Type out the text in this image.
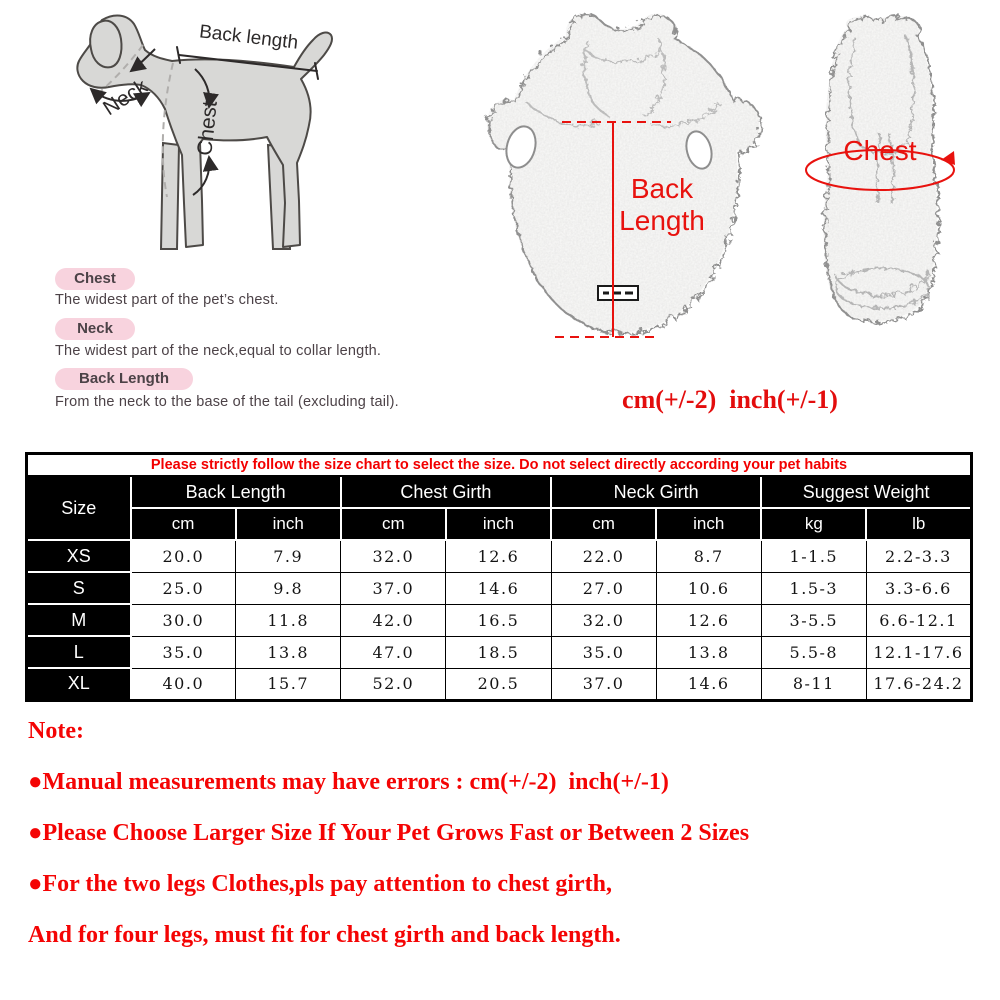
Back length
Neck
Chest
Chest
The widest part of the pet’s chest.
Neck
The widest part of the neck,equal to collar length.
Back Length
From the neck to the base of the tail (excluding tail).
Back
Length
Chest
cm(+/-2)  inch(+/-1)
Please strictly follow the size chart to select the size. Do not select directly according your pet habits								
Size	Back Length		Chest Girth		Neck Girth		Suggest Weight	
	cm	inch	cm	inch	cm	inch	kg	lb
XS	20.0	7.9	32.0	12.6	22.0	8.7	1-1.5	2.2-3.3
S	25.0	9.8	37.0	14.6	27.0	10.6	1.5-3	3.3-6.6
M	30.0	11.8	42.0	16.5	32.0	12.6	3-5.5	6.6-12.1
L	35.0	13.8	47.0	18.5	35.0	13.8	5.5-8	12.1-17.6
XL	40.0	15.7	52.0	20.5	37.0	14.6	8-11	17.6-24.2
Note:
●Manual measurements may have errors : cm(+/-2)  inch(+/-1)
●Please Choose Larger Size If Your Pet Grows Fast or Between 2 Sizes
●For the two legs Clothes,pls pay attention to chest girth,
And for four legs, must fit for chest girth and back length.
